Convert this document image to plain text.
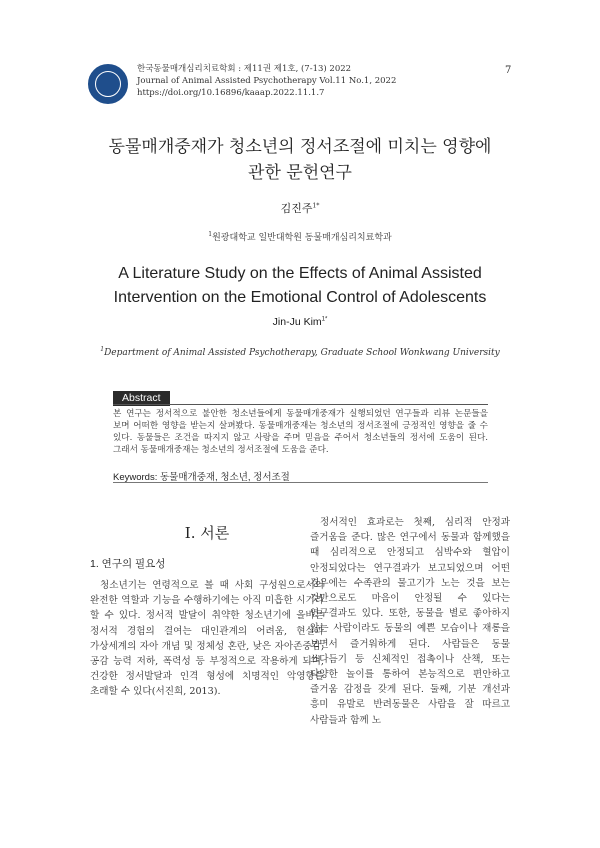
한국동물매개심리치료학회 : 제11권 제1호, (7-13) 2022
Journal of Animal Assisted Psychotherapy Vol.11 No.1, 2022
https://doi.org/10.16896/kaaap.2022.11.1.7
7
동물매개중재가 청소년의 정서조절에 미치는 영향에
관한 문헌연구
김진주$^{1*}$
$^1$원광대학교 일반대학원 동물매개심리치료학과
A Literature Study on the Effects of Animal Assisted
Intervention on the Emotional Control of Adolescents
Jin-Ju Kim$^{1*}$
$^1$Department of Animal Assisted Psychotherapy, Graduate School Wonkwang University
Abstract
본 연구는 정서적으로 불안한 청소년들에게 동물매개중재가 실행되었던 연구들과 리뷰 논문들을 보며 어떠한 영향을 받는지 살펴봤다. 동물매개중재는 청소년의 정서조절에 긍정적인 영향을 줄 수 있다. 동물들은 조건을 따지지 않고 사랑을 주며 믿음을 주어서 청소년들의 정서에 도움이 된다. 그래서 동물매개중재는 청소년의 정서조절에 도움을 준다.
Keywords: 동물매개중재, 청소년, 정서조절
I. 서론
1. 연구의 필요성
청소년기는 연령적으로 볼 때 사회 구성원으로서의 완전한 역할과 기능을 수행하기에는 아직 미흡한 시기라 할 수 있다. 정서적 발달이 취약한 청소년기에 올바른 정서적 경험의 결여는 대인관계의 어려움, 현실과 가상세계의 자아 개념 및 정체성 혼란, 낮은 자아존중감, 공감 능력 저하, 폭력성 등 부정적으로 작용하게 되며, 건강한 정서발달과 인격 형성에 치명적인 악영향을 초래할 수 있다(서진희, 2013).
정서적인 효과로는 첫째, 심리적 안정과 즐거움을 준다. 많은 연구에서 동물과 함께했을 때 심리적으로 안정되고 심박수와 혈압이 안정되었다는 연구결과가 보고되었으며 어떤 경우에는 수족관의 물고기가 노는 것을 보는 것만으로도 마음이 안정될 수 있다는 연구결과도 있다. 또한, 동물을 별로 좋아하지 않는 사람이라도 동물의 예쁜 모습이나 재롱을 보면서 즐거워하게 된다. 사람들은 동물 쓰다듬기 등 신체적인 접촉이나 산책, 또는 다양한 놀이를 통하여 본능적으로 편안하고 즐거움 감정을 갖게 된다. 둘째, 기분 개선과 흥미 유발로 반려동물은 사람을 잘 따르고 사람들과 함께 노
